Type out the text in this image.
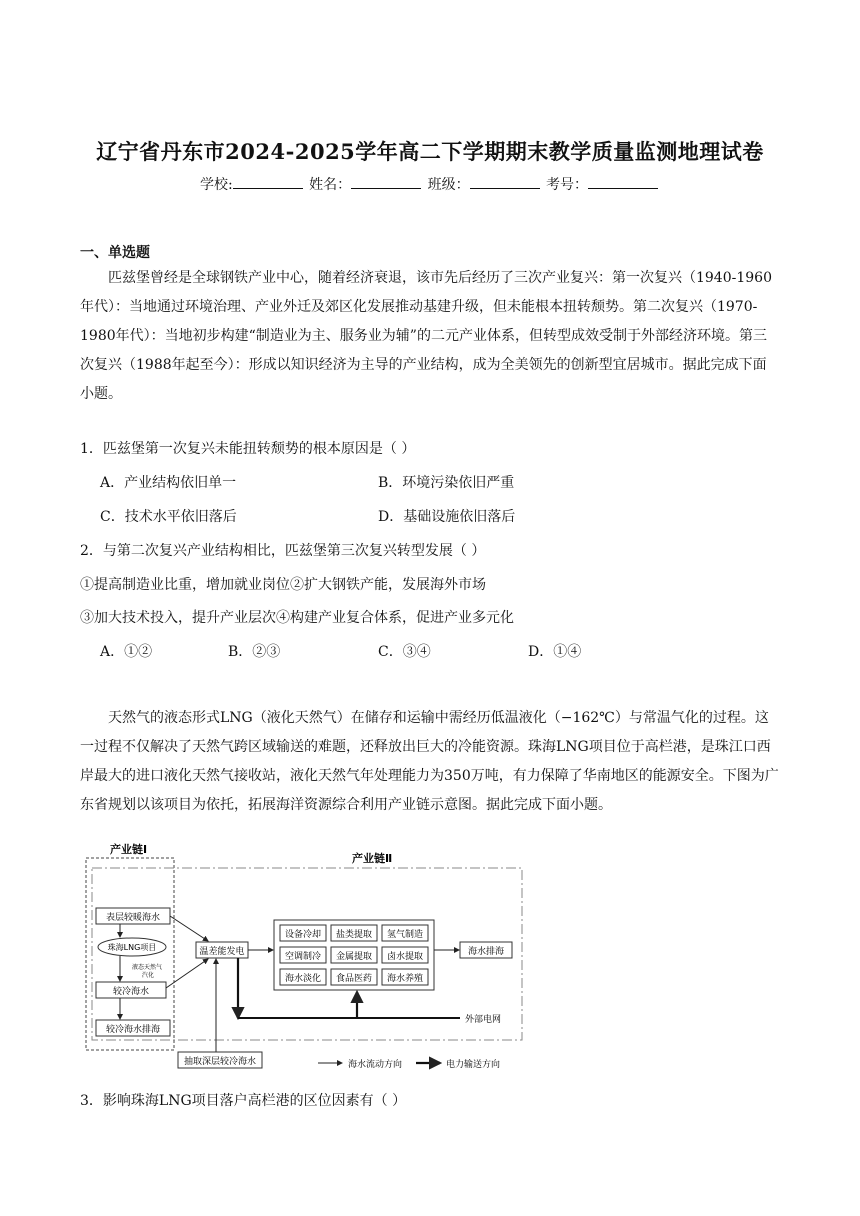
辽宁省丹东市2024-2025学年高二下学期期末教学质量监测地理试卷
学校:	姓名：	班级：	考号：
一、单选题

匹兹堡曾经是全球钢铁产业中心，随着经济衰退，该市先后经历了三次产业复兴：第一次复兴（1940-1960年代）：当地通过环境治理、产业外迁及郊区化发展推动基建升级，但未能根本扭转颓势。第二次复兴（1970-1980年代）：当地初步构建“制造业为主、服务业为辅”的二元产业体系，但转型成效受制于外部经济环境。第三次复兴（1988年起至今）：形成以知识经济为主导的产业结构，成为全美领先的创新型宜居城市。据此完成下面小题。

1．匹兹堡第一次复兴未能扭转颓势的根本原因是（ ）
A．产业结构依旧单一	B．环境污染依旧严重
C．技术水平依旧落后	D．基础设施依旧落后
2．与第二次复兴产业结构相比，匹兹堡第三次复兴转型发展（ ）
①提高制造业比重，增加就业岗位②扩大钢铁产能，发展海外市场
③加大技术投入，提升产业层次④构建产业复合体系，促进产业多元化
A．①②	B．②③	C．③④	D．①④

天然气的液态形式LNG（液化天然气）在储存和运输中需经历低温液化（−162℃）与常温气化的过程。这一过程不仅解决了天然气跨区域输送的难题，还释放出巨大的冷能资源。珠海LNG项目位于高栏港，是珠江口西岸最大的进口液化天然气接收站，液化天然气年处理能力为350万吨，有力保障了华南地区的能源安全。下图为广东省规划以该项目为依托，拓展海洋资源综合利用产业链示意图。据此完成下面小题。

产业链Ⅰ
产业链Ⅱ
表层较暖海水
珠海LNG项目
液态天然气
汽化
较冷海水
较冷海水排海
温差能发电
抽取深层较冷海水
设备冷却 盐类提取 氢气制造
空调制冷 金属提取 卤水提取
海水淡化 食品医药 海水养殖
海水排海
外部电网
海水流动方向	电力输送方向
3．影响珠海LNG项目落户高栏港的区位因素有（ ）
